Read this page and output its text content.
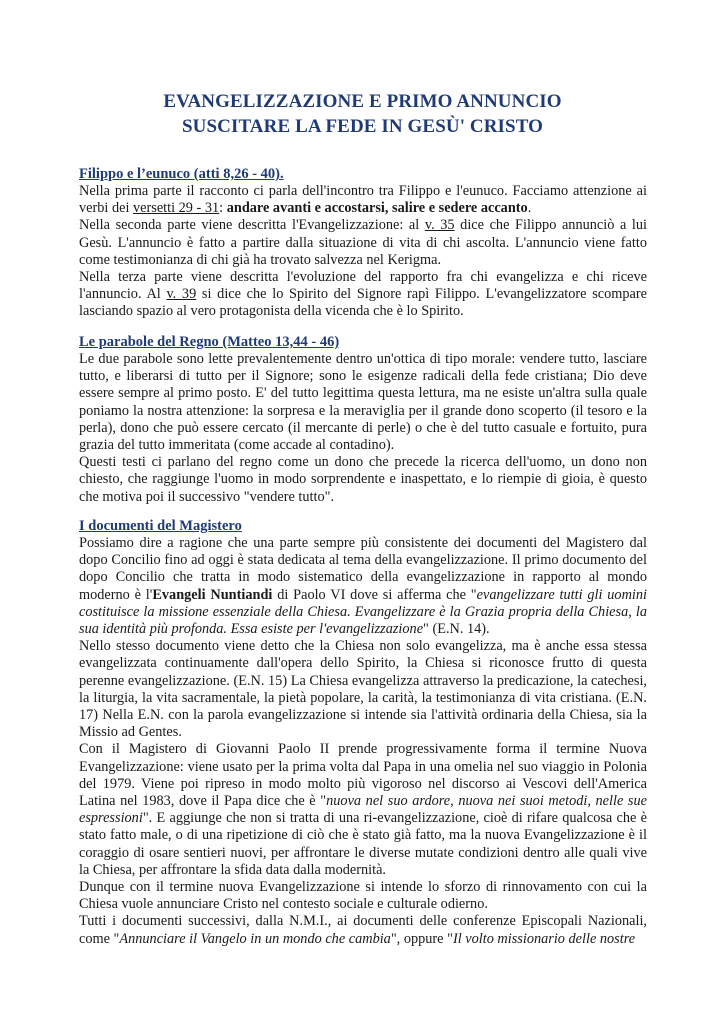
EVANGELIZZAZIONE E PRIMO ANNUNCIO
SUSCITARE LA FEDE IN GESÙ' CRISTO
Filippo e l’eunuco (atti 8,26 - 40).

Nella prima parte il racconto ci parla dell'incontro tra Filippo e l'eunuco. Facciamo attenzione ai verbi dei versetti 29 - 31: andare avanti e accostarsi, salire e sedere accanto.

Nella seconda parte viene descritta l'Evangelizzazione: al v. 35 dice che Filippo annunciò a lui Gesù. L'annuncio è fatto a partire dalla situazione di vita di chi ascolta. L'annuncio viene fatto come testimonianza di chi già ha trovato salvezza nel Kerigma.

Nella terza parte viene descritta l'evoluzione del rapporto fra chi evangelizza e chi riceve l'annuncio. Al v. 39 si dice che lo Spirito del Signore rapì Filippo. L'evangelizzatore scompare lasciando spazio al vero protagonista della vicenda che è lo Spirito.

Le parabole del Regno (Matteo 13,44 - 46)

Le due parabole sono lette prevalentemente dentro un'ottica di tipo morale: vendere tutto, lasciare tutto, e liberarsi di tutto per il Signore; sono le esigenze radicali della fede cristiana; Dio deve essere sempre al primo posto. E' del tutto legittima questa lettura, ma ne esiste un'altra sulla quale poniamo la nostra attenzione: la sorpresa e la meraviglia per il grande dono scoperto (il tesoro e la perla), dono che può essere cercato (il mercante di perle) o che è del tutto casuale e fortuito, pura grazia del tutto immeritata (come accade al contadino).

Questi testi ci parlano del regno come un dono che precede la ricerca dell'uomo, un dono non chiesto, che raggiunge l'uomo in modo sorprendente e inaspettato, e lo riempie di gioia, è questo che motiva poi il successivo "vendere tutto".

I documenti del Magistero

Possiamo dire a ragione che una parte sempre più consistente dei documenti del Magistero dal dopo Concilio fino ad oggi è stata dedicata al tema della evangelizzazione. Il primo documento del dopo Concilio che tratta in modo sistematico della evangelizzazione in rapporto al mondo moderno è l'Evangeli Nuntiandi di Paolo VI dove si afferma che "evangelizzare tutti gli uomini costituisce la missione essenziale della Chiesa. Evangelizzare è la Grazia propria della Chiesa, la sua identità più profonda. Essa esiste per l'evangelizzazione" (E.N. 14).

Nello stesso documento viene detto che la Chiesa non solo evangelizza, ma è anche essa stessa evangelizzata continuamente dall'opera dello Spirito, la Chiesa si riconosce frutto di questa perenne evangelizzazione. (E.N. 15) La Chiesa evangelizza attraverso la predicazione, la catechesi, la liturgia, la vita sacramentale, la pietà popolare, la carità, la testimonianza di vita cristiana. (E.N. 17) Nella E.N. con la parola evangelizzazione si intende sia l'attività ordinaria della Chiesa, sia la Missio ad Gentes.

Con il Magistero di Giovanni Paolo II prende progressivamente forma il termine Nuova Evangelizzazione: viene usato per la prima volta dal Papa in una omelia nel suo viaggio in Polonia del 1979. Viene poi ripreso in modo molto più vigoroso nel discorso ai Vescovi dell'America Latina nel 1983, dove il Papa dice che è "nuova nel suo ardore, nuova nei suoi metodi, nelle sue espressioni". E aggiunge che non si tratta di una ri-evangelizzazione, cioè di rifare qualcosa che è stato fatto male, o di una ripetizione di ciò che è stato già fatto, ma la nuova Evangelizzazione è il coraggio di osare sentieri nuovi, per affrontare le diverse mutate condizioni dentro alle quali vive la Chiesa, per affrontare la sfida data dalla modernità.

Dunque con il termine nuova Evangelizzazione si intende lo sforzo di rinnovamento con cui la Chiesa vuole annunciare Cristo nel contesto sociale e culturale odierno.

Tutti i documenti successivi, dalla N.M.I., ai documenti delle conferenze Episcopali Nazionali, come "Annunciare il Vangelo in un mondo che cambia", oppure "Il volto missionario delle nostre
